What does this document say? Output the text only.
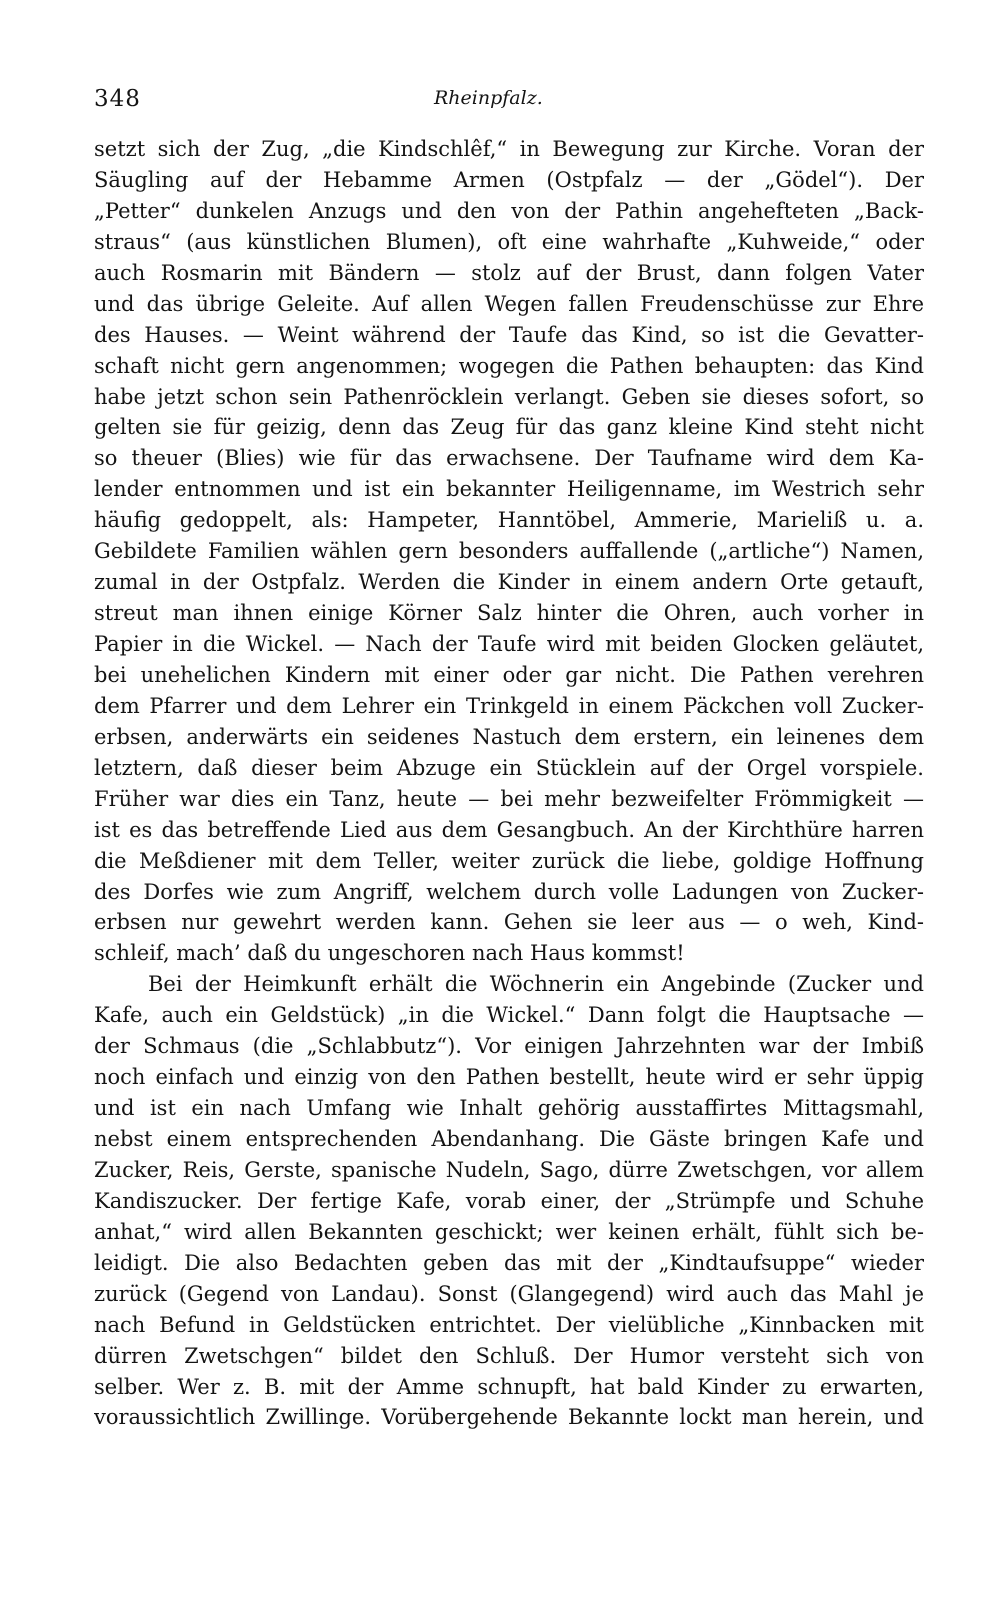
348	Rheinpfalz.
setzt sich der Zug, „die Kindschlêf,“ in Bewegung zur Kirche. Voran der
Säugling auf der Hebamme Armen (Ostpfalz — der „Gödel“). Der
„Petter“ dunkelen Anzugs und den von der Pathin angehefteten „Back-
straus“ (aus künstlichen Blumen), oft eine wahrhafte „Kuhweide,“ oder
auch Rosmarin mit Bändern — stolz auf der Brust, dann folgen Vater
und das übrige Geleite. Auf allen Wegen fallen Freudenschüsse zur Ehre
des Hauses. — Weint während der Taufe das Kind, so ist die Gevatter-
schaft nicht gern angenommen; wogegen die Pathen behaupten: das Kind
habe jetzt schon sein Pathenröcklein verlangt. Geben sie dieses sofort, so
gelten sie für geizig, denn das Zeug für das ganz kleine Kind steht nicht
so theuer (Blies) wie für das erwachsene. Der Taufname wird dem Ka-
lender entnommen und ist ein bekannter Heiligenname, im Westrich sehr
häufig gedoppelt, als: Hampeter, Hanntöbel, Ammerie, Marieliß u. a.
Gebildete Familien wählen gern besonders auffallende („artliche“) Namen,
zumal in der Ostpfalz. Werden die Kinder in einem andern Orte getauft,
streut man ihnen einige Körner Salz hinter die Ohren, auch vorher in
Papier in die Wickel. — Nach der Taufe wird mit beiden Glocken geläutet,
bei unehelichen Kindern mit einer oder gar nicht. Die Pathen verehren
dem Pfarrer und dem Lehrer ein Trinkgeld in einem Päckchen voll Zucker-
erbsen, anderwärts ein seidenes Nastuch dem erstern, ein leinenes dem
letztern, daß dieser beim Abzuge ein Stücklein auf der Orgel vorspiele.
Früher war dies ein Tanz, heute — bei mehr bezweifelter Frömmigkeit —
ist es das betreffende Lied aus dem Gesangbuch. An der Kirchthüre harren
die Meßdiener mit dem Teller, weiter zurück die liebe, goldige Hoffnung
des Dorfes wie zum Angriff, welchem durch volle Ladungen von Zucker-
erbsen nur gewehrt werden kann. Gehen sie leer aus — o weh, Kind-
schleif, mach’ daß du ungeschoren nach Haus kommst!
Bei der Heimkunft erhält die Wöchnerin ein Angebinde (Zucker und
Kafe, auch ein Geldstück) „in die Wickel.“ Dann folgt die Hauptsache —
der Schmaus (die „Schlabbutz“). Vor einigen Jahrzehnten war der Imbiß
noch einfach und einzig von den Pathen bestellt, heute wird er sehr üppig
und ist ein nach Umfang wie Inhalt gehörig ausstaffirtes Mittagsmahl,
nebst einem entsprechenden Abendanhang. Die Gäste bringen Kafe und
Zucker, Reis, Gerste, spanische Nudeln, Sago, dürre Zwetschgen, vor allem
Kandiszucker. Der fertige Kafe, vorab einer, der „Strümpfe und Schuhe
anhat,“ wird allen Bekannten geschickt; wer keinen erhält, fühlt sich be-
leidigt. Die also Bedachten geben das mit der „Kindtaufsuppe“ wieder
zurück (Gegend von Landau). Sonst (Glangegend) wird auch das Mahl je
nach Befund in Geldstücken entrichtet. Der vielübliche „Kinnbacken mit
dürren Zwetschgen“ bildet den Schluß. Der Humor versteht sich von
selber. Wer z. B. mit der Amme schnupft, hat bald Kinder zu erwarten,
voraussichtlich Zwillinge. Vorübergehende Bekannte lockt man herein, und
